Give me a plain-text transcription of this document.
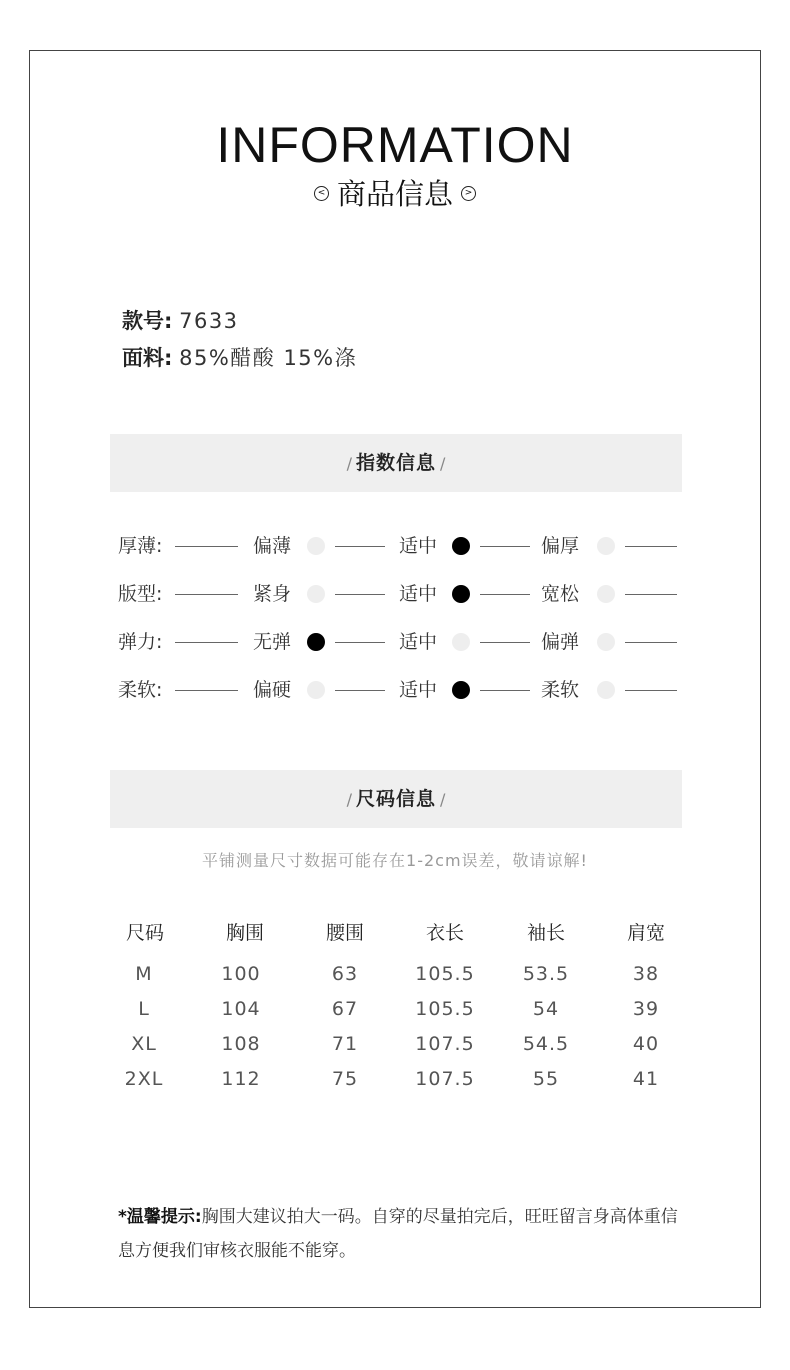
INFORMATION
< 商品信息 >
款号: 7633
面料: 85%醋酸 15%涤
/ 指数信息 /
厚薄:	偏薄	适中	偏厚
版型:	紧身	适中	宽松
弹力:	无弹	适中	偏弹
柔软:	偏硬	适中	柔软
/ 尺码信息 /
平铺测量尺寸数据可能存在1-2cm误差，敬请谅解!
尺码	胸围	腰围	衣长	袖长	肩宽
M	100	63	105.5	53.5	38
L	104	67	105.5	54	39
XL	108	71	107.5	54.5	40
2XL	112	75	107.5	55	41
*温馨提示:胸围大建议拍大一码。自穿的尽量拍完后，旺旺留言身高体重信息方便我们审核衣服能不能穿。
